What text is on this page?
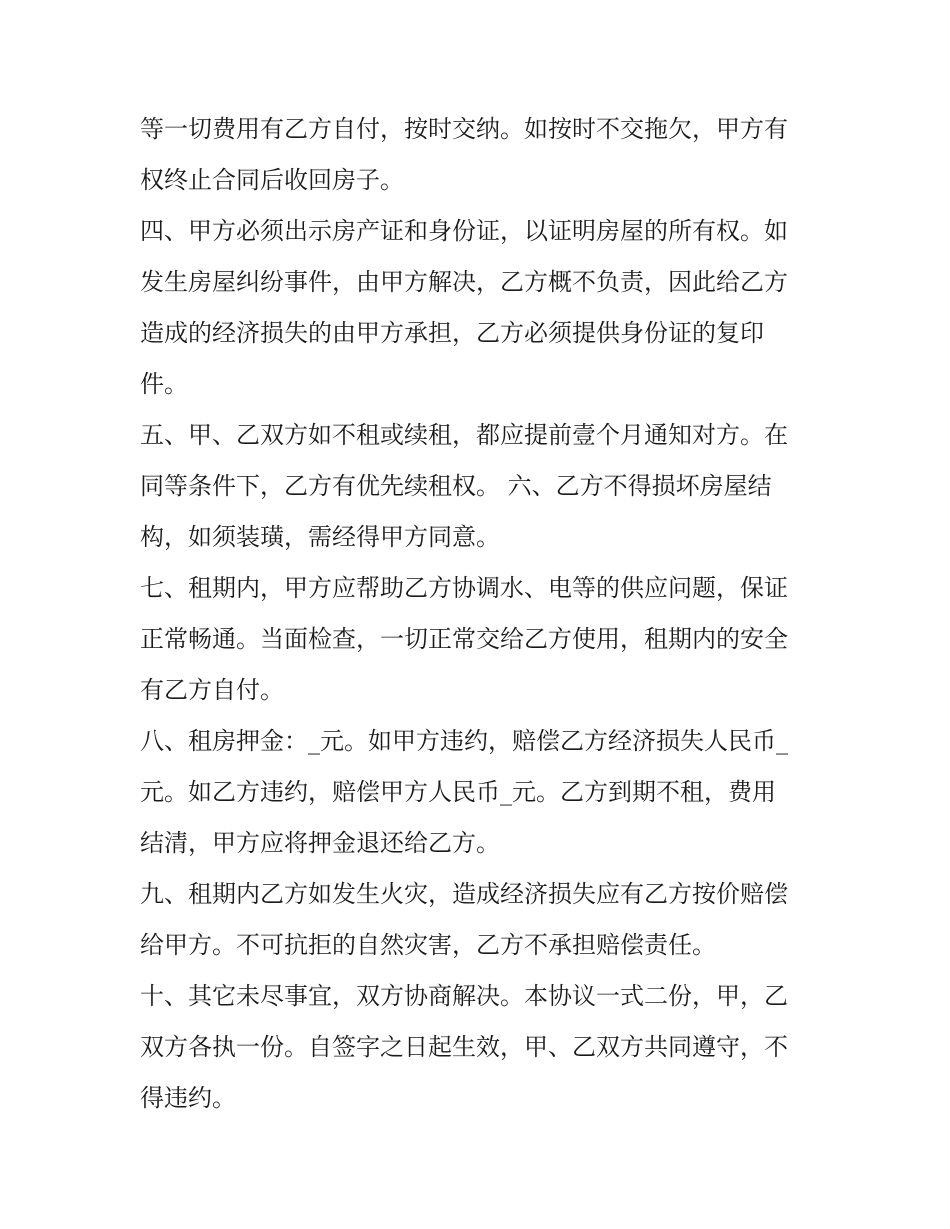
等一切费用有乙方自付，按时交纳。如按时不交拖欠，甲方有
权终止合同后收回房子。
四、甲方必须出示房产证和身份证，以证明房屋的所有权。如
发生房屋纠纷事件，由甲方解决，乙方概不负责，因此给乙方
造成的经济损失的由甲方承担，乙方必须提供身份证的复印
件。
五、甲、乙双方如不租或续租，都应提前壹个月通知对方。在
同等条件下，乙方有优先续租权。 六、乙方不得损坏房屋结
构，如须装璜，需经得甲方同意。
七、租期内，甲方应帮助乙方协调水、电等的供应问题，保证
正常畅通。当面检查，一切正常交给乙方使用，租期内的安全
有乙方自付。
八、租房押金：_元。如甲方违约，赔偿乙方经济损失人民币_
元。如乙方违约，赔偿甲方人民币_元。乙方到期不租，费用
结清，甲方应将押金退还给乙方。
九、租期内乙方如发生火灾，造成经济损失应有乙方按价赔偿
给甲方。不可抗拒的自然灾害，乙方不承担赔偿责任。
十、其它未尽事宜，双方协商解决。本协议一式二份，甲，乙
双方各执一份。自签字之日起生效，甲、乙双方共同遵守，不
得违约。
